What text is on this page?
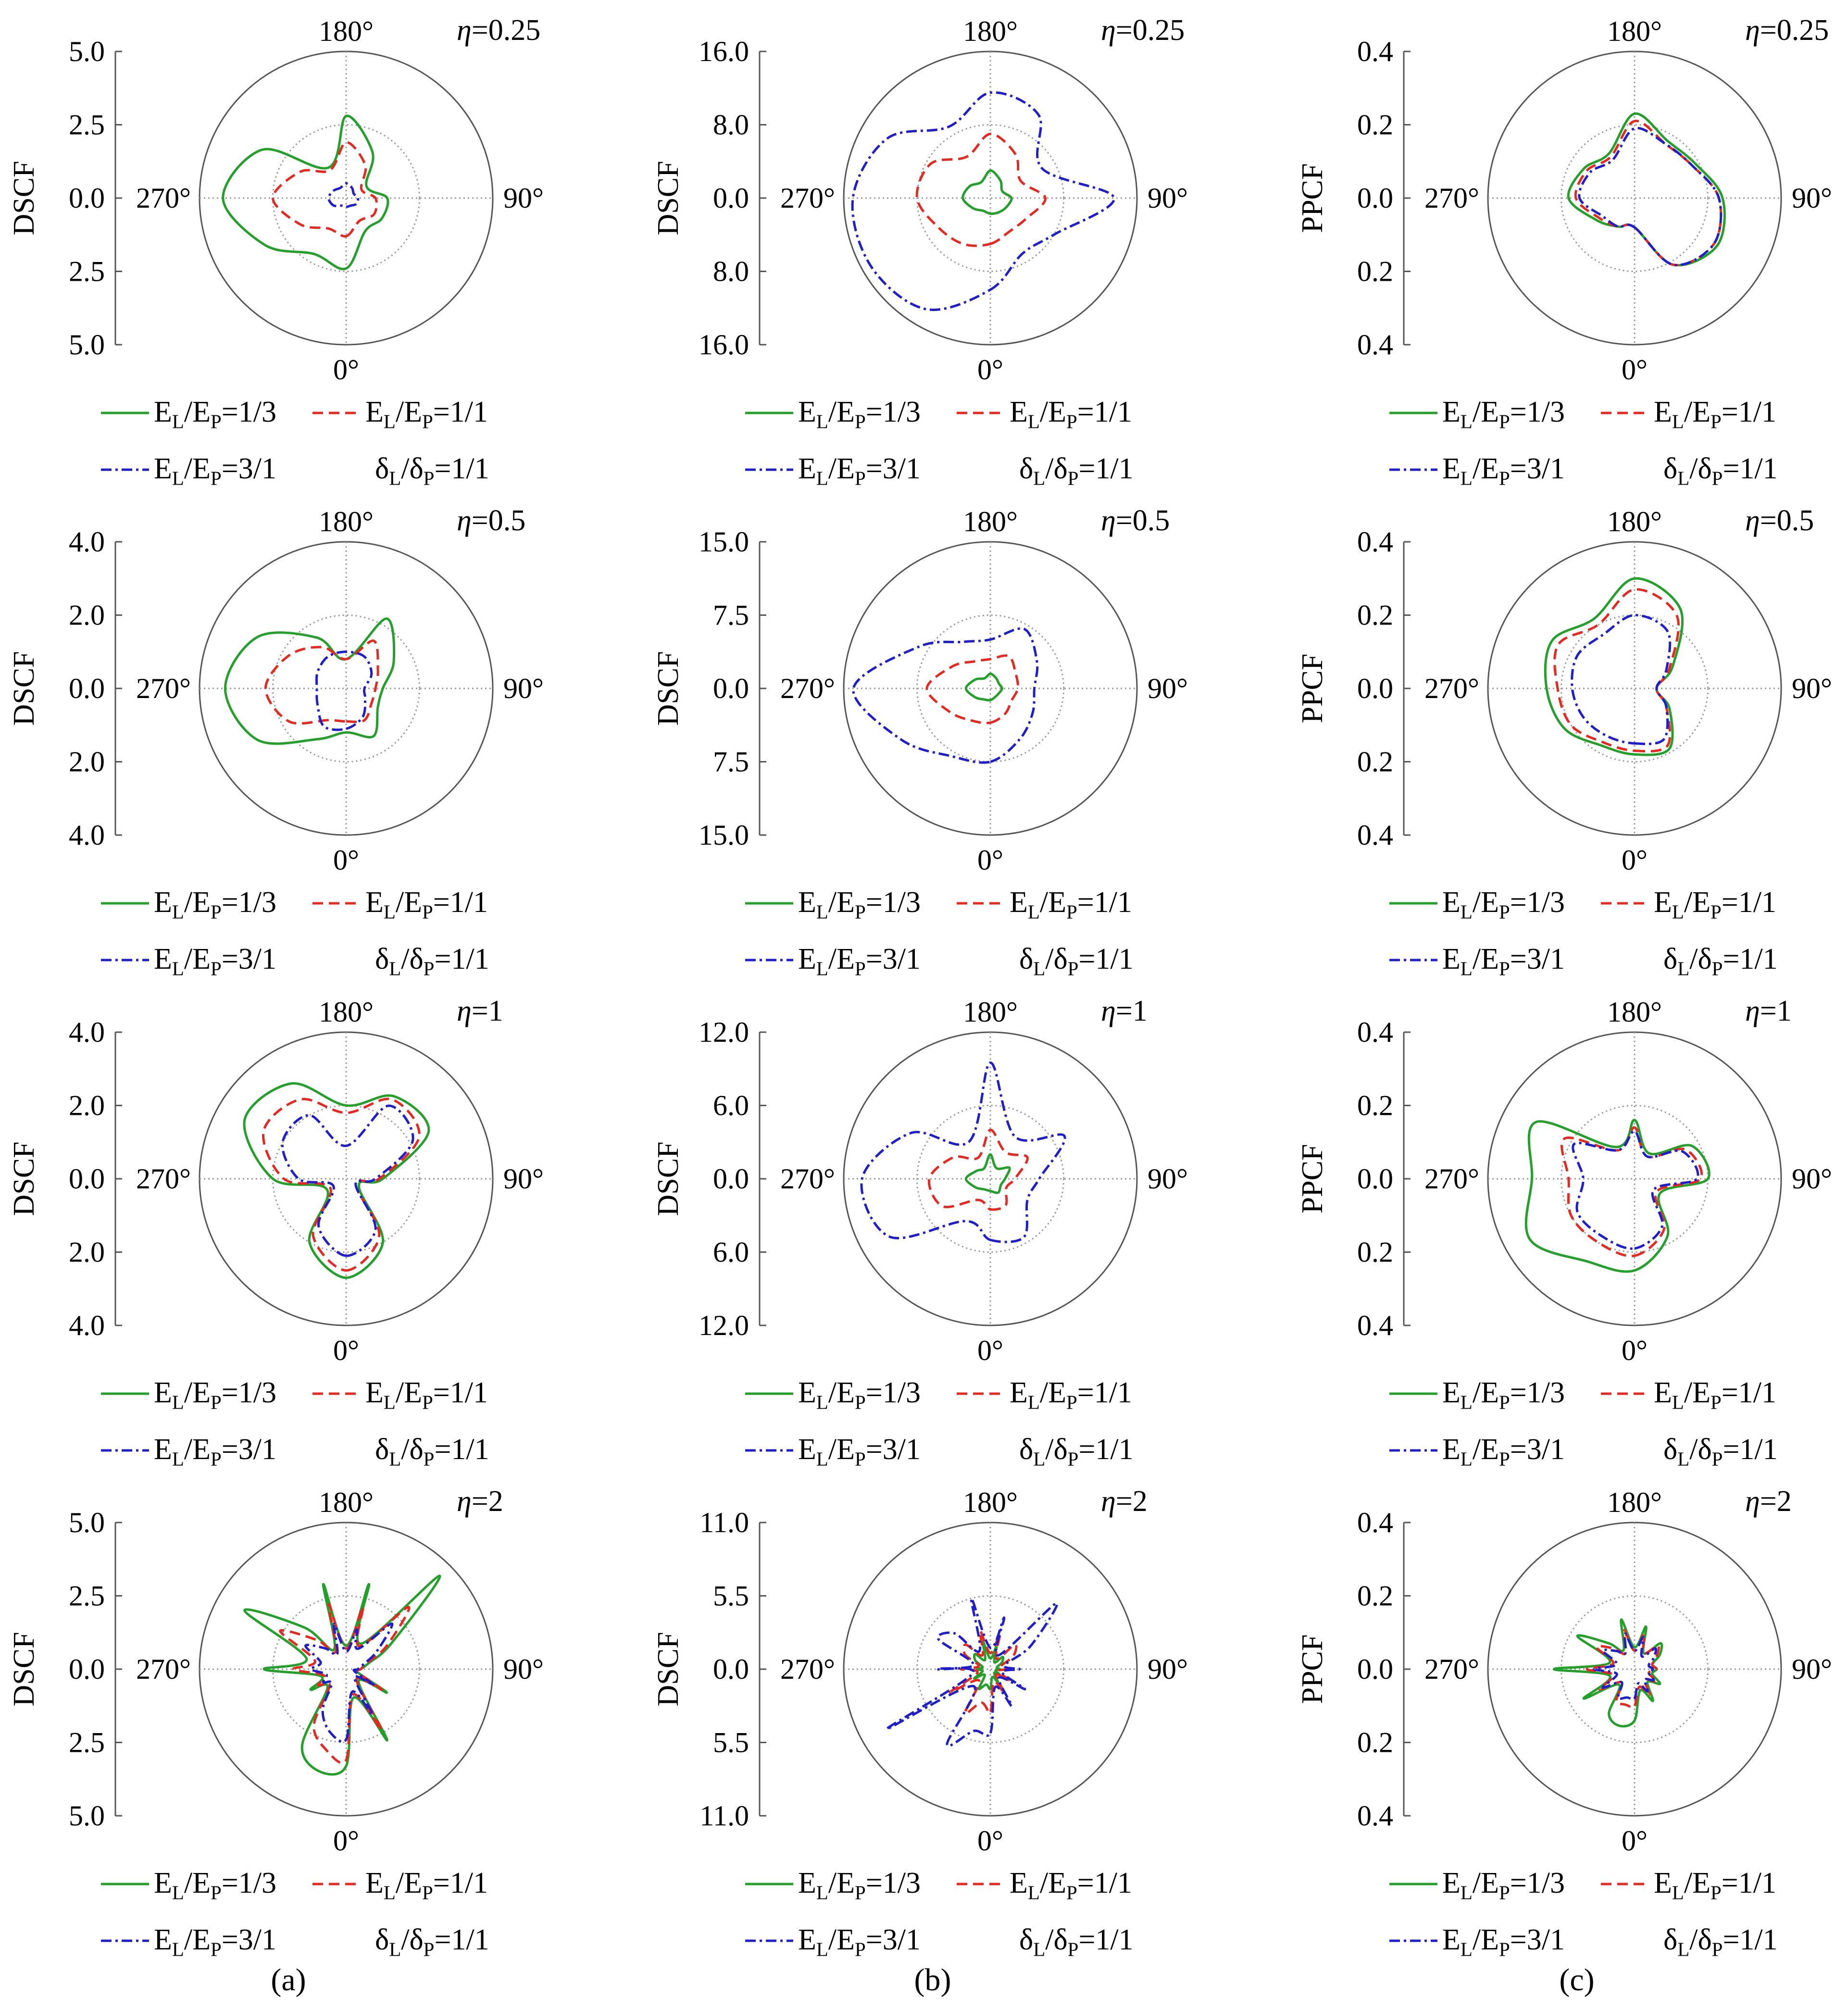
5.0
2.5
0.0
2.5
5.0
DSCF
180°
0°
270°	90°
η=0.25
$E_L/E_P=1/3$	$E_L/E_P=1/1$
$E_L/E_P=3/1$	$\delta_L/\delta_P=1/1$
16.0
8.0
0.0
8.0
16.0
DSCF
180°
0°
270°	90°
η=0.25
$E_L/E_P=1/3$	$E_L/E_P=1/1$
$E_L/E_P=3/1$	$\delta_L/\delta_P=1/1$
0.4
0.2
0.0
0.2
0.4
PPCF
180°
0°
270°	90°
η=0.25
$E_L/E_P=1/3$	$E_L/E_P=1/1$
$E_L/E_P=3/1$	$\delta_L/\delta_P=1/1$
4.0
2.0
0.0
2.0
4.0
DSCF
180°
0°
270°	90°
η=0.5
$E_L/E_P=1/3$	$E_L/E_P=1/1$
$E_L/E_P=3/1$	$\delta_L/\delta_P=1/1$
15.0
7.5
0.0
7.5
15.0
DSCF
180°
0°
270°	90°
η=0.5
$E_L/E_P=1/3$	$E_L/E_P=1/1$
$E_L/E_P=3/1$	$\delta_L/\delta_P=1/1$
0.4
0.2
0.0
0.2
0.4
PPCF
180°
0°
270°	90°
η=0.5
$E_L/E_P=1/3$	$E_L/E_P=1/1$
$E_L/E_P=3/1$	$\delta_L/\delta_P=1/1$
4.0
2.0
0.0
2.0
4.0
DSCF
180°
0°
270°	90°
η=1
$E_L/E_P=1/3$	$E_L/E_P=1/1$
$E_L/E_P=3/1$	$\delta_L/\delta_P=1/1$
12.0
6.0
0.0
6.0
12.0
DSCF
180°
0°
270°	90°
η=1
$E_L/E_P=1/3$	$E_L/E_P=1/1$
$E_L/E_P=3/1$	$\delta_L/\delta_P=1/1$
0.4
0.2
0.0
0.2
0.4
PPCF
180°
0°
270°	90°
η=1
$E_L/E_P=1/3$	$E_L/E_P=1/1$
$E_L/E_P=3/1$	$\delta_L/\delta_P=1/1$
5.0
2.5
0.0
2.5
5.0
DSCF
180°
0°
270°	90°
η=2
$E_L/E_P=1/3$	$E_L/E_P=1/1$
$E_L/E_P=3/1$	$\delta_L/\delta_P=1/1$
11.0
5.5
0.0
5.5
11.0
DSCF
180°
0°
270°	90°
η=2
$E_L/E_P=1/3$	$E_L/E_P=1/1$
$E_L/E_P=3/1$	$\delta_L/\delta_P=1/1$
0.4
0.2
0.0
0.2
0.4
PPCF
180°
0°
270°	90°
η=2
$E_L/E_P=1/3$	$E_L/E_P=1/1$
$E_L/E_P=3/1$	$\delta_L/\delta_P=1/1$
(a)	(b)	(c)
